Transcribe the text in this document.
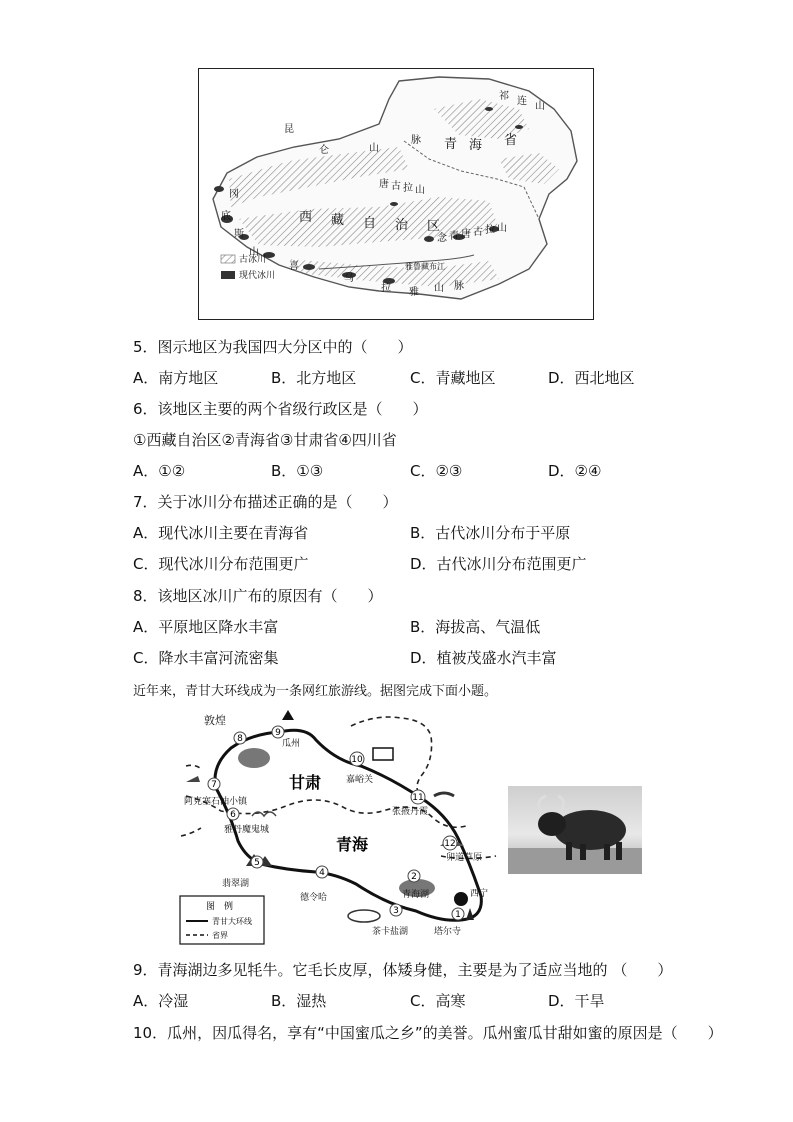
西 藏 自 治 区
青 海 省
昆
仑	山
脉
冈
底
斯
山
喜
马
拉 雅 山 脉
祁 连 山
唐 古 拉 山
念 青 唐 古 拉 山
雅鲁藏布江
古冰川
现代冰川
5．图示地区为我国四大分区中的（　　）
A．南方地区	B．北方地区	C．青藏地区	D．西北地区
6．该地区主要的两个省级行政区是（　　）
①西藏自治区②青海省③甘肃省④四川省
A．①②	B．①③	C．②③	D．②④
7．关于冰川分布描述正确的是（　　）
A．现代冰川主要在青海省	B．古代冰川分布于平原
C．现代冰川分布范围更广	D．古代冰川分布范围更广
8．该地区冰川广布的原因有（　　）
A．平原地区降水丰富	B．海拔高、气温低
C．降水丰富河流密集	D．植被茂盛水汽丰富
近年来，青甘大环线成为一条网红旅游线。据图完成下面小题。
1
2
3
4
5
6
7
8
9
10
11
12
塔尔寺
青海湖
茶卡盐湖
德令哈
翡翠湖
雅丹魔鬼城
阿克塞石油小镇
敦煌
瓜州
嘉峪关
张掖丹霞
卯道草原
西宁
甘肃
青海
图　例
青甘大环线
省界
9．青海湖边多见牦牛。它毛长皮厚，体矮身健，主要是为了适应当地的 （　　）
A．冷湿	B．湿热	C．高寒	D．干旱
10．瓜州，因瓜得名，享有“中国蜜瓜之乡”的美誉。瓜州蜜瓜甘甜如蜜的原因是（　　）
